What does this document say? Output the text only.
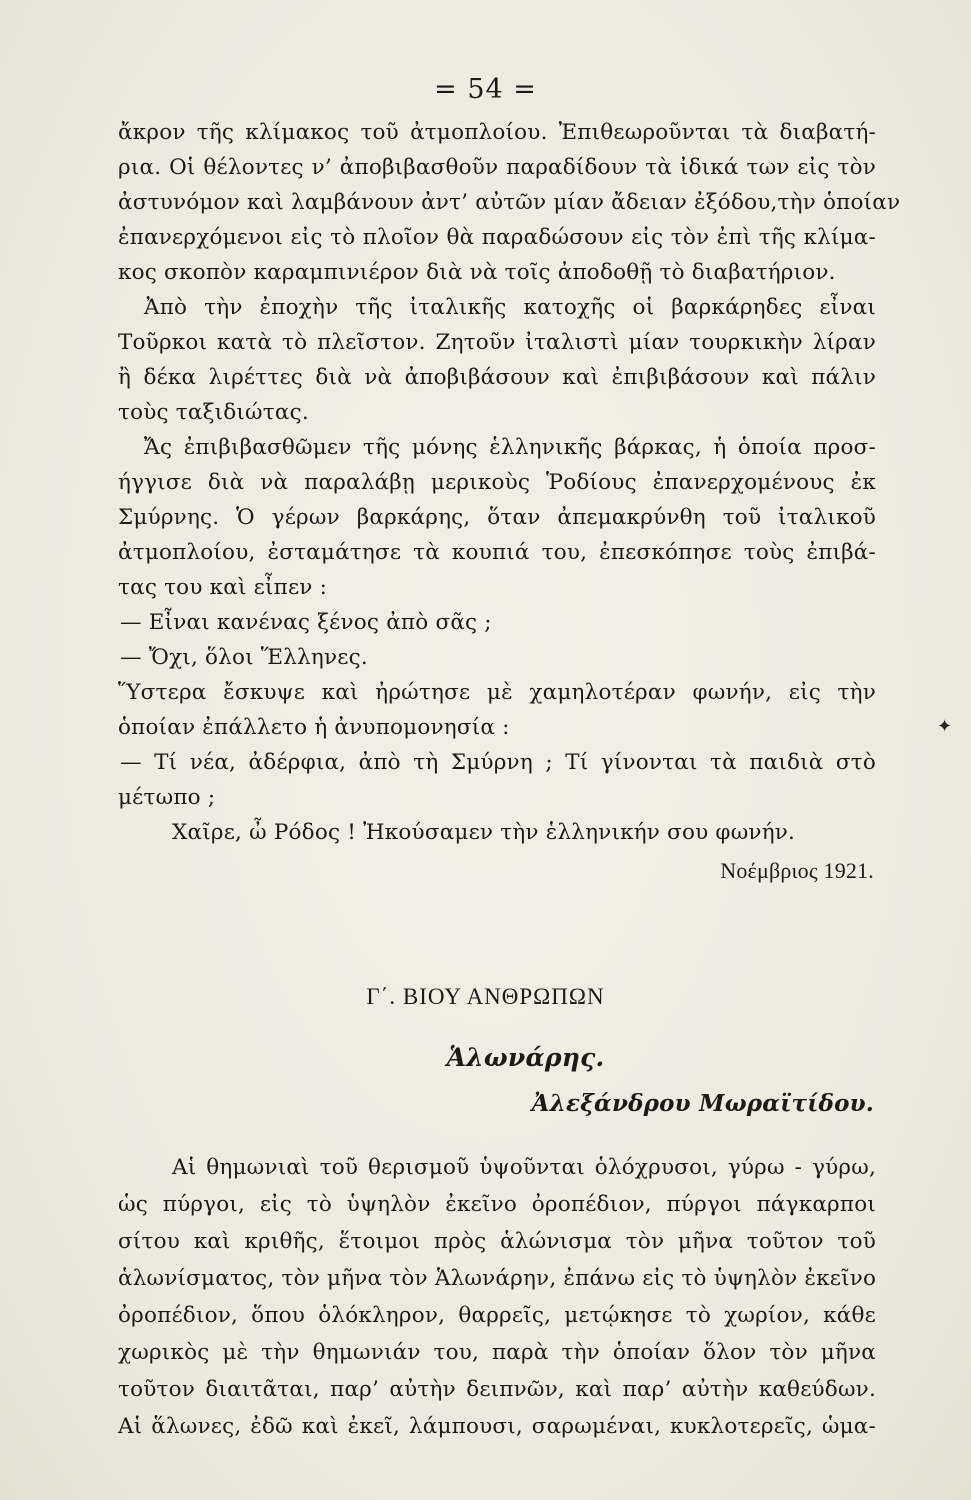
= 54 =
ἄκρον τῆς κλίμακος τοῦ ἀτμοπλοίου. Ἐπιθεωροῦνται τὰ διαβατή-
ρια. Οἱ θέλοντες ν’ ἀποβιβασθοῦν παραδίδουν τὰ ἰδικά των εἰς τὸν
ἀστυνόμον καὶ λαμβάνουν ἀντ’ αὐτῶν μίαν ἄδειαν ἐξόδου,τὴν ὁποίαν
ἐπανερχόμενοι εἰς τὸ πλοῖον θὰ παραδώσουν εἰς τὸν ἐπὶ τῆς κλίμα-
κος σκοπὸν καραμπινιέρον διὰ νὰ τοῖς ἀποδοθῇ τὸ διαβατήριον.
Ἀπὸ τὴν ἐποχὴν τῆς ἰταλικῆς κατοχῆς οἱ βαρκάρηδες εἶναι
Τοῦρκοι κατὰ τὸ πλεῖστον. Ζητοῦν ἰταλιστὶ μίαν τουρκικὴν λίραν
ἢ δέκα λιρέττες διὰ νὰ ἀποβιβάσουν καὶ ἐπιβιβάσουν καὶ πάλιν
τοὺς ταξιδιώτας.
Ἄς ἐπιβιβασθῶμεν τῆς μόνης ἑλληνικῆς βάρκας, ἡ ὁποία προσ-
ήγγισε διὰ νὰ παραλάβῃ μερικοὺς Ῥοδίους ἐπανερχομένους ἐκ
Σμύρνης. Ὁ γέρων βαρκάρης, ὅταν ἀπεμακρύνθη τοῦ ἰταλικοῦ
ἀτμοπλοίου, ἐσταμάτησε τὰ κουπιά του, ἐπεσκόπησε τοὺς ἐπιβά-
τας του καὶ εἶπεν :
— Εἶναι κανένας ξένος ἀπὸ σᾶς ;
— Ὄχι, ὅλοι Ἕλληνες.
Ὕστερα ἔσκυψε καὶ ἠρώτησε μὲ χαμηλοτέραν φωνήν, εἰς τὴν
ὁποίαν ἐπάλλετο ἡ ἀνυπομονησία :
— Τί νέα, ἀδέρφια, ἀπὸ τὴ Σμύρνη ; Τί γίνονται τὰ παιδιὰ στὸ
μέτωπο ;
Χαῖρε, ὦ Ρόδος ! Ἠκούσαμεν τὴν ἑλληνικήν σου φωνήν.
Νοέμβριος 1921.
Γ΄. ΒΙΟΥ ΑΝΘΡΩΠΩΝ
Ἁλωνάρης.
Ἀλεξάνδρου Μωραϊτίδου.
Αἱ θημωνιαὶ τοῦ θερισμοῦ ὑψοῦνται ὁλόχρυσοι, γύρω - γύρω,
ὡς πύργοι, εἰς τὸ ὑψηλὸν ἐκεῖνο ὀροπέδιον, πύργοι πάγκαρποι
σίτου καὶ κριθῆς, ἕτοιμοι πρὸς ἁλώνισμα τὸν μῆνα τοῦτον τοῦ
ἁλωνίσματος, τὸν μῆνα τὸν Ἁλωνάρην, ἐπάνω εἰς τὸ ὑψηλὸν ἐκεῖνο
ὀροπέδιον, ὅπου ὁλόκληρον, θαρρεῖς, μετῴκησε τὸ χωρίον, κάθε
χωρικὸς μὲ τὴν θημωνιάν του, παρὰ τὴν ὁποίαν ὅλον τὸν μῆνα
τοῦτον διαιτᾶται, παρ’ αὐτὴν δειπνῶν, καὶ παρ’ αὐτὴν καθεύδων.
Αἱ ἅλωνες, ἐδῶ καὶ ἐκεῖ, λάμπουσι, σαρωμέναι, κυκλοτερεῖς, ὡμα-
✦
